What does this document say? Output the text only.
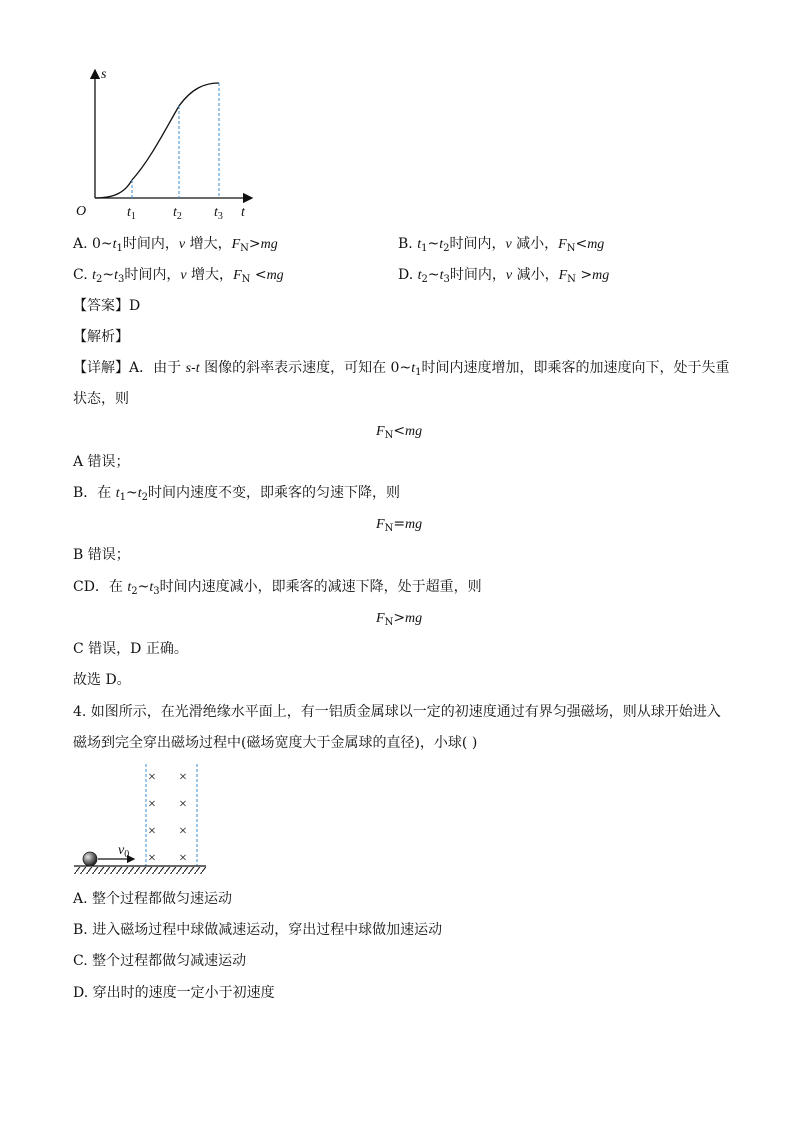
s
t
O	$t_1$	$t_2$ $t_3$
A. $0\sim t_1$时间内，v 增大，$F_N>mg$	B. $t_1\sim t_2$时间内，v 减小，$F_N<mg$
C. $t_2\sim t_3$时间内，v 增大，$F_N <mg$	D. $t_2\sim t_3$时间内，v 减小，$F_N >mg$
【答案】D
【解析】
【详解】A．由于 s-t 图像的斜率表示速度，可知在 $0\sim t_1$时间内速度增加，即乘客的加速度向下，处于失重
状态，则
$F_N<mg$
A 错误；
B．在 $t_1\sim t_2$时间内速度不变，即乘客的匀速下降，则
$F_N=mg$
B 错误；
CD．在 $t_2\sim t_3$时间内速度减小，即乘客的减速下降，处于超重，则
$F_N>mg$
C 错误，D 正确。
故选 D。
4. 如图所示，在光滑绝缘水平面上，有一铝质金属球以一定的初速度通过有界匀强磁场，则从球开始进入
磁场到完全穿出磁场过程中(磁场宽度大于金属球的直径)，小球( )
× ×
× ×
× ×
× ×
$v_0$
A. 整个过程都做匀速运动
B. 进入磁场过程中球做减速运动，穿出过程中球做加速运动
C. 整个过程都做匀减速运动
D. 穿出时的速度一定小于初速度
